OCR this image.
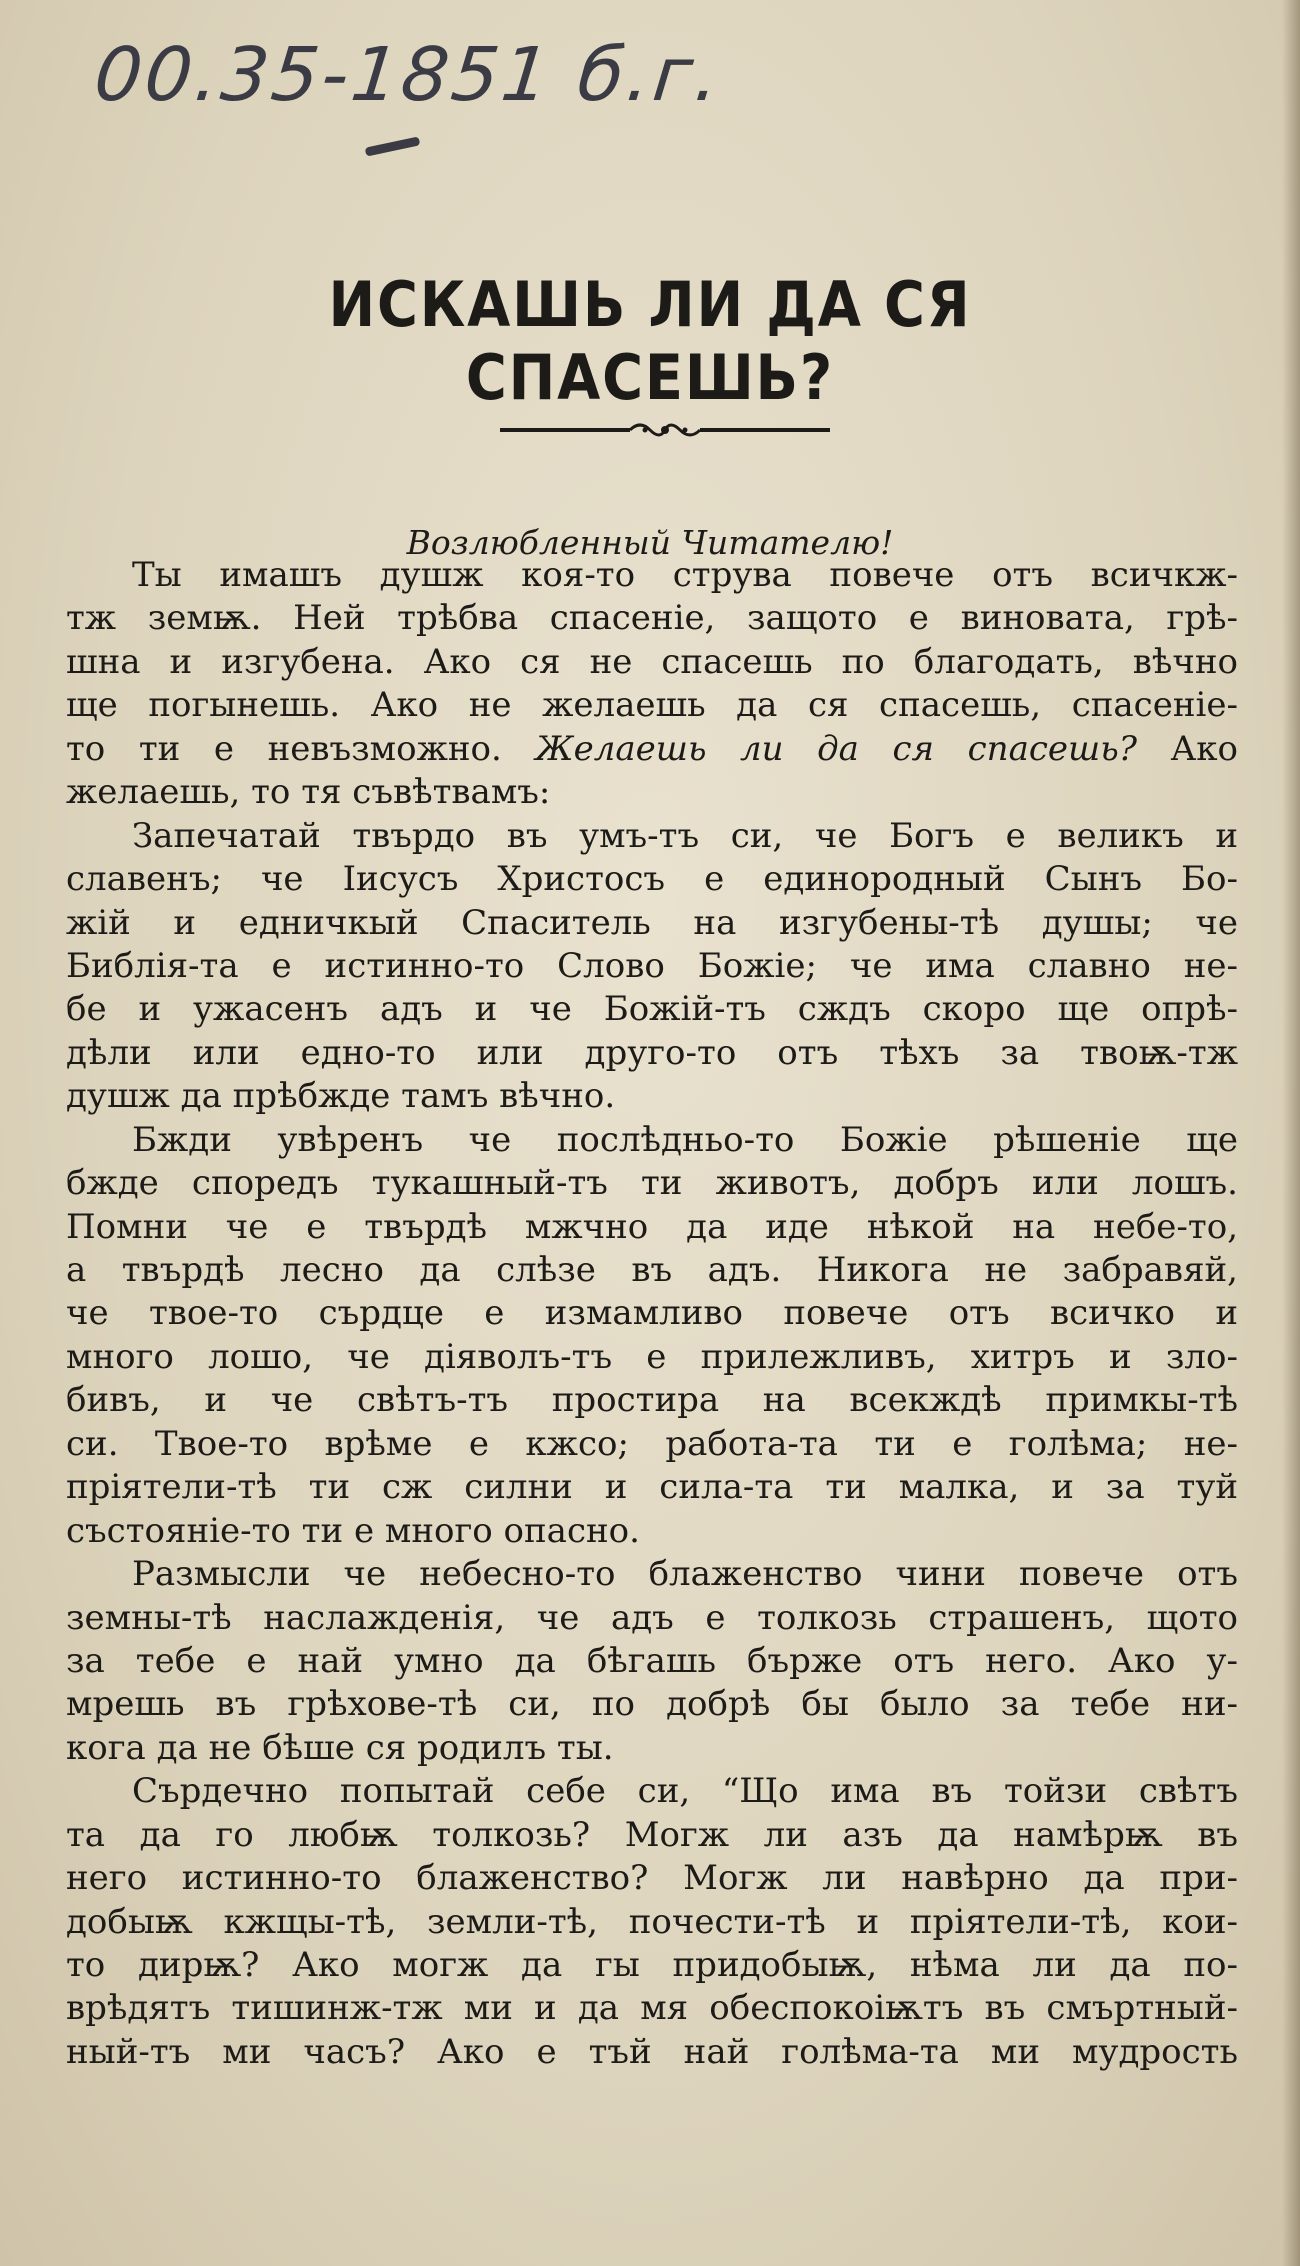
00.35-1851 б.г.
ИСКАШЬ ЛИ ДА СЯ СПАСЕШЬ?

Возлюбленный Читателю!

Ты имашъ душж коя-то струва повече отъ всичкж-
тж земѭ. Ней трѣбва спасеніе, защото е виновата, грѣ-
шна и изгубена. Ако ся не спасешь по благодать, вѣчно
ще погынешь. Ако не желаешь да ся спасешь, спасеніе-
то ти е невъзможно. Желаешь ли да ся спасешь? Ако
желаешь, то тя съвѣтвамъ:
Запечатай твърдо въ умъ-тъ си, че Богъ е великъ и
славенъ; че Іисусъ Христосъ е единородный Сынъ Бо-
жій и едничкый Спаситель на изгубены-тѣ душы; че
Библія-та е истинно-то Слово Божіе; че има славно не-
бе и ужасенъ адъ и че Божій-тъ сждъ скоро ще опрѣ-
дѣли или едно-то или друго-то отъ тѣхъ за твоѭ-тж
душж да прѣбжде тамъ вѣчно.
Бжди увѣренъ че послѣдньо-то Божіе рѣшеніе ще
бжде споредъ тукашный-тъ ти животъ, добръ или лошъ.
Помни че е твърдѣ мжчно да иде нѣкой на небе-то,
а твърдѣ лесно да слѣзе въ адъ. Никога не забравяй,
че твое-то сърдце е измамливо повече отъ всичко и
много лошо, че діяволъ-тъ е прилежливъ, хитръ и зло-
бивъ, и че свѣтъ-тъ простира на всекждѣ примкы-тѣ
си. Твое-то врѣме е кжсо; работа-та ти е голѣма; не-
пріятели-тѣ ти сж силни и сила-та ти малка, и за туй
състояніе-то ти е много опасно.
Размысли че небесно-то блаженство чини повече отъ
земны-тѣ наслажденія, че адъ е толкозь страшенъ, щото
за тебе е най умно да бѣгашь бърже отъ него. Ако у-
мрешь въ грѣхове-тѣ си, по добрѣ бы было за тебе ни-
кога да не бѣше ся родилъ ты.
Сърдечно попытай себе си, “Що има въ тойзи свѣтъ
та да го любѭ толкозь? Могж ли азъ да намѣрѭ въ
него истинно-то блаженство? Могж ли навѣрно да при-
добыѭ кжщы-тѣ, земли-тѣ, почести-тѣ и пріятели-тѣ, кои-
то дирѭ? Ако могж да гы придобыѭ, нѣма ли да по-
врѣдятъ тишинж-тж ми и да мя обеспокоіѭтъ въ смъртный-
ный-тъ ми часъ? Ако е тъй най голѣма-та ми мудрость
